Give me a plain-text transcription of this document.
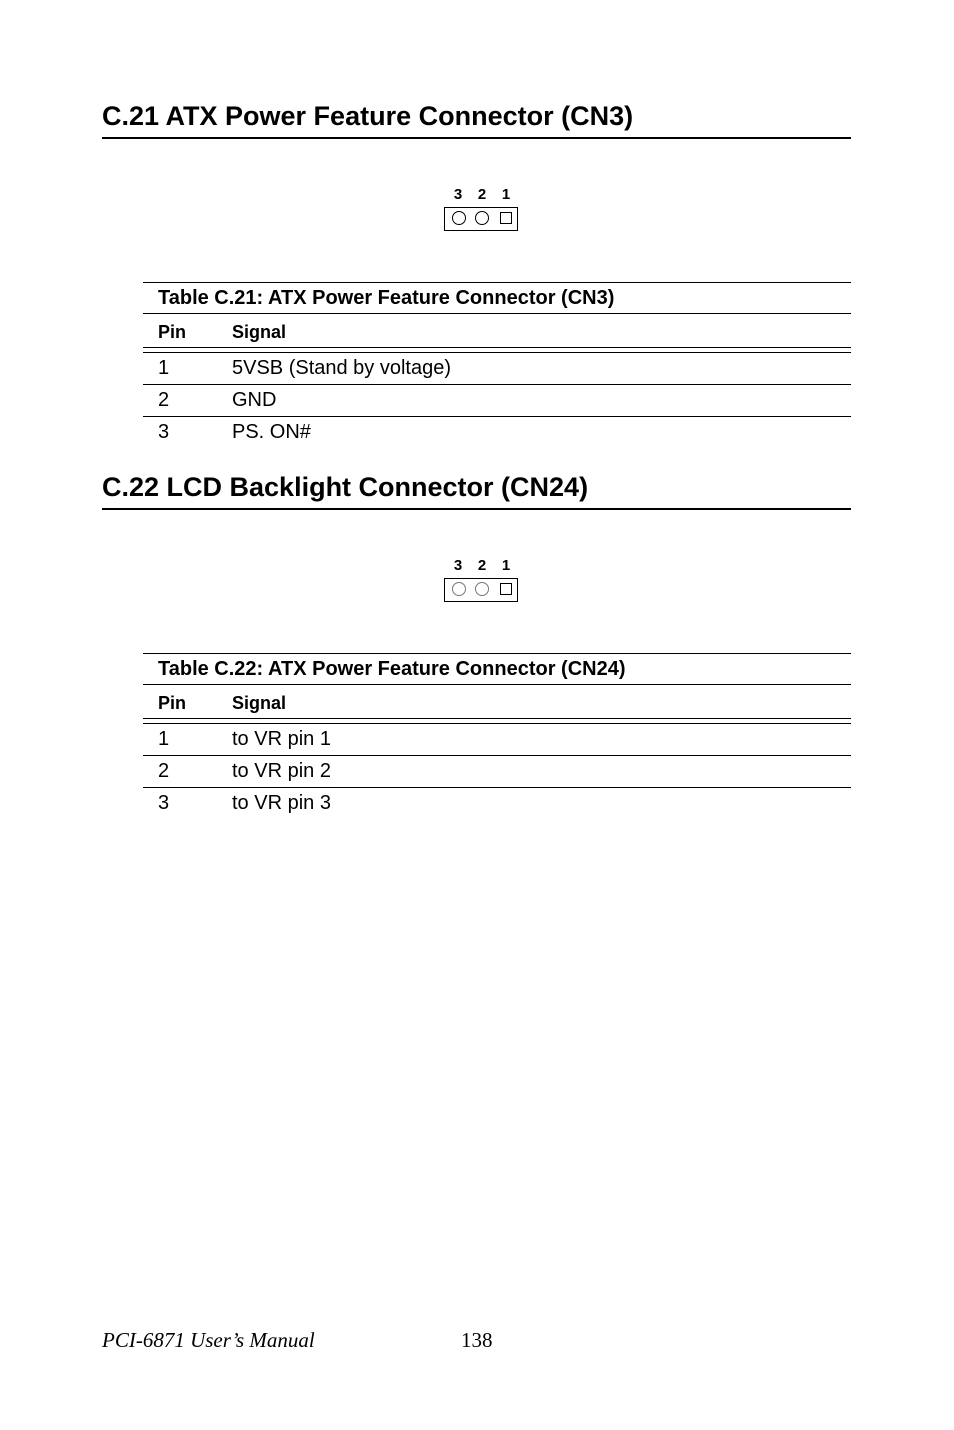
C.21 ATX Power Feature Connector (CN3)
3	2	1
Table C.21: ATX Power Feature Connector (CN3)
Pin	Signal
1	5VSB (Stand by voltage)
2	GND
3	PS. ON#
C.22 LCD Backlight Connector (CN24)
3	2	1
Table C.22: ATX Power Feature Connector (CN24)
Pin	Signal
1	to VR pin 1
2	to VR pin 2
3	to VR pin 3
PCI-6871 User’s Manual	138
